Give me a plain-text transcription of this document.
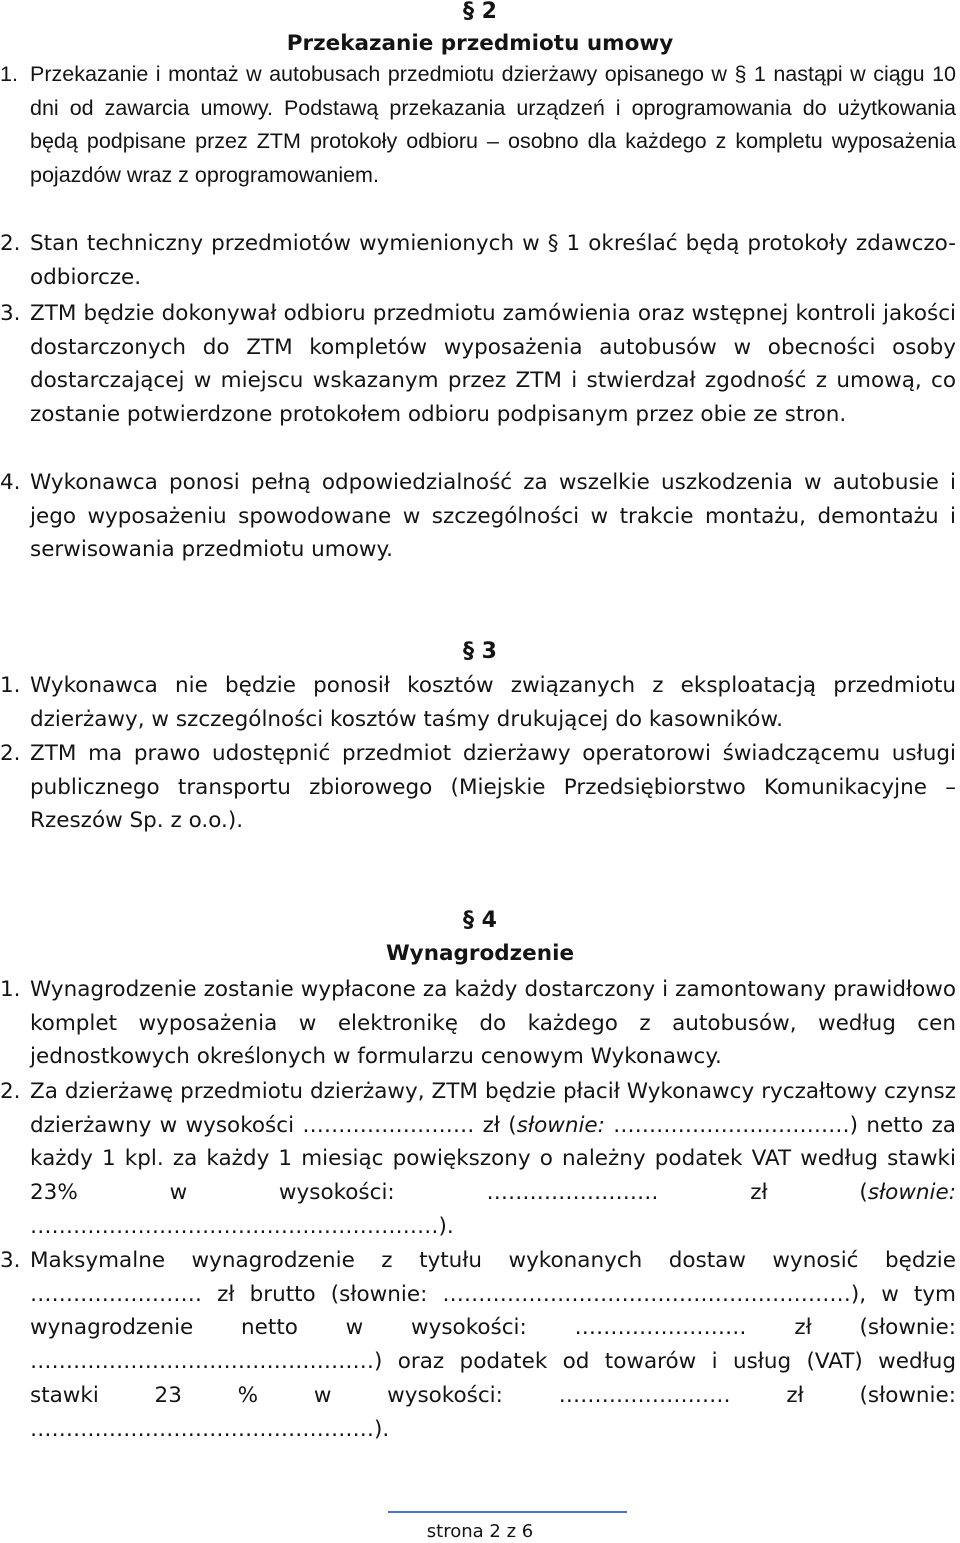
§ 2
Przekazanie przedmiotu umowy
1. Przekazanie i montaż w autobusach przedmiotu dzierżawy opisanego w § 1 nastąpi w ciągu 10 dni od zawarcia umowy. Podstawą przekazania urządzeń i oprogramowania do użytkowania będą podpisane przez ZTM protokoły odbioru – osobno dla każdego z kompletu wyposażenia pojazdów wraz z oprogramowaniem.
2. Stan techniczny przedmiotów wymienionych w § 1 określać będą protokoły zdawczo-odbiorcze.
3. ZTM będzie dokonywał odbioru przedmiotu zamówienia oraz wstępnej kontroli jakości dostarczonych do ZTM kompletów wyposażenia autobusów w obecności osoby dostarczającej w miejscu wskazanym przez ZTM i stwierdzał zgodność z umową, co zostanie potwierdzone protokołem odbioru podpisanym przez obie ze stron.
4. Wykonawca ponosi pełną odpowiedzialność za wszelkie uszkodzenia w autobusie i jego wyposażeniu spowodowane w szczególności w trakcie montażu, demontażu i serwisowania przedmiotu umowy.
§ 3
1. Wykonawca nie będzie ponosił kosztów związanych z eksploatacją przedmiotu dzierżawy, w szczególności kosztów taśmy drukującej do kasowników.
2. ZTM ma prawo udostępnić przedmiot dzierżawy operatorowi świadczącemu usługi publicznego transportu zbiorowego (Miejskie Przedsiębiorstwo Komunikacyjne – Rzeszów Sp. z o.o.).
§ 4
Wynagrodzenie
1. Wynagrodzenie zostanie wypłacone za każdy dostarczony i zamontowany prawidłowo komplet wyposażenia w elektronikę do każdego z autobusów, według cen jednostkowych określonych w formularzu cenowym Wykonawcy.
2. Za dzierżawę przedmiotu dzierżawy, ZTM będzie płacił Wykonawcy ryczałtowy czynsz dzierżawny w wysokości …………………… zł (słownie: ……………………………) netto za każdy 1 kpl. za każdy 1 miesiąc powiększony o należny podatek VAT według stawki 23% w wysokości: …………………… zł (słownie: …………………………………………………).
3. Maksymalne wynagrodzenie z tytułu wykonanych dostaw wynosić będzie …………………… zł brutto (słownie: …………………………………………………), w tym wynagrodzenie netto w wysokości: …………………… zł (słownie: …………………………………………) oraz podatek od towarów i usług (VAT) według stawki 23 % w wysokości: …………………… zł (słownie: …………………………………………).
strona 2 z 6
